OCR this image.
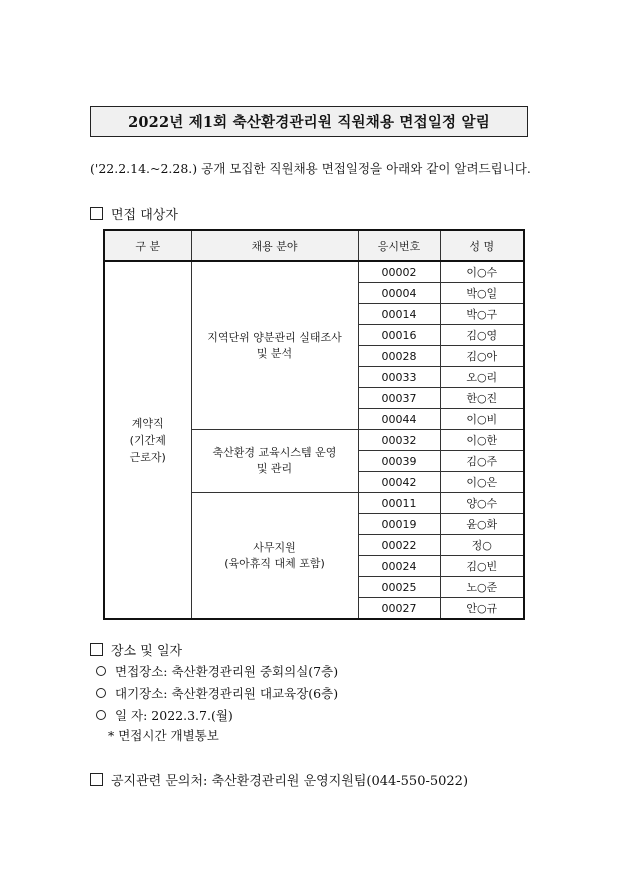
2022년 제1회 축산환경관리원 직원채용 면접일정 알림
('22.2.14.~2.28.) 공개 모집한 직원채용 면접일정을 아래와 같이 알려드립니다.
면접 대상자
구 분	채용 분야	응시번호	성 명
계약직
(기간제
근로자)	지역단위 양분관리 실태조사
및 분석	00002	이○수
		00004	박○일
		00014	박○구
		00016	김○영
		00028	김○아
		00033	오○리
		00037	한○진
		00044	이○비
	축산환경 교육시스템 운영
및 관리	00032	이○한
		00039	김○주
		00042	이○은
	사무지원
(육아휴직 대체 포함)	00011	양○수
		00019	윤○화
		00022	정○
		00024	김○빈
		00025	노○준
		00027	안○규
장소 및 일자
면접장소: 축산환경관리원 중회의실(7층)
대기장소: 축산환경관리원 대교육장(6층)
일 자: 2022.3.7.(월)
* 면접시간 개별통보
공지관련 문의처: 축산환경관리원 운영지원팀(044-550-5022)
